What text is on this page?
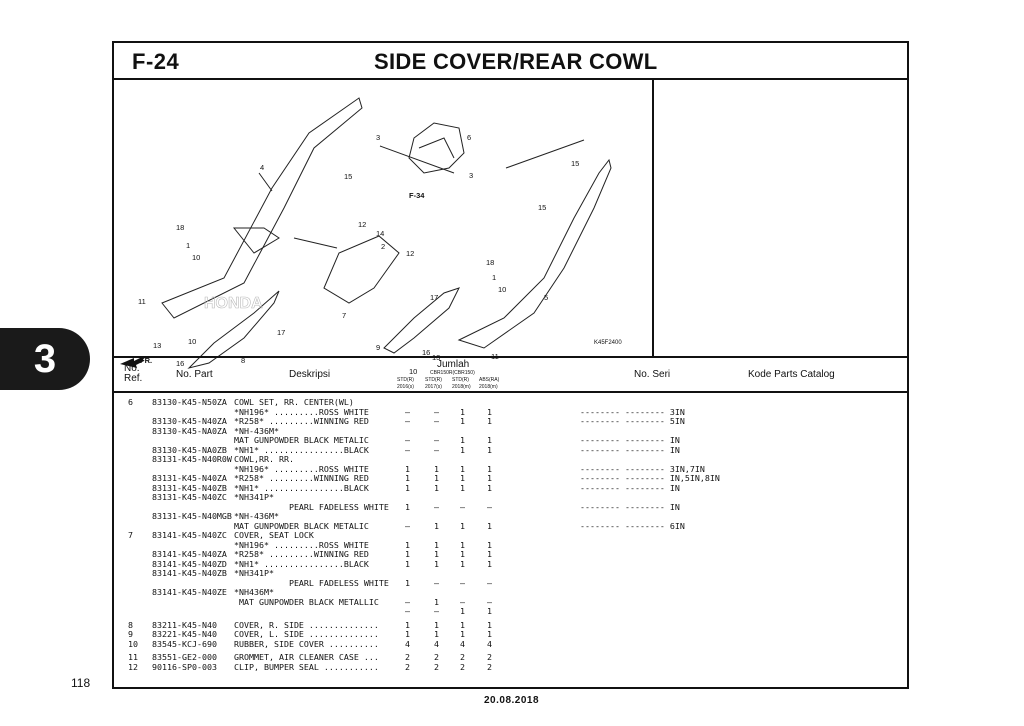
3
118
F-24	SIDE COVER/REAR COWL
3	6
4
15	3
15
15
F-34
18
1
10
12
14
2
12
18
1
10
11	17	5
17
7
13	10
16
9
16
13	11
8
10
FR.
HONDA
K45F2400
No.
Ref.	No. Part	Deskripsi
Jumlah
CBR150R(CBR150)
STD(R)
2016(s)
STD(R)
2017(s)
STD(R)
2018(m)
ABS(RA)
2018(m)
No. Seri	Kode Parts Catalog
6 83130-K45-N50ZA COWL SET, RR. CENTER(WL)
*NH196* .........ROSS WHITE	–	–	1	1	-------- -------- 3IN
83130-K45-N40ZA *R258* .........WINNING RED	–	–	1	1	-------- -------- 5IN
83130-K45-NA0ZA *NH-436M*
MAT GUNPOWDER BLACK METALIC	–	–	1	1	-------- -------- IN
83130-K45-NA0ZB *NH1* ................BLACK	–	–	1	1	-------- -------- IN
83131-K45-N40R0W COWL,RR. RR.
*NH196* .........ROSS WHITE	1	1	1	1	-------- -------- 3IN,7IN
83131-K45-N40ZA *R258* .........WINNING RED	1	1	1	1	-------- -------- IN,5IN,8IN
83131-K45-N40ZB *NH1* ................BLACK	1	1	1	1	-------- -------- IN
83131-K45-N40ZC *NH341P*
PEARL FADELESS WHITE 1	–	–	–	-------- -------- IN
83131-K45-N40MGB *NH-436M*
MAT GUNPOWDER BLACK METALIC	–	1	1	1	-------- -------- 6IN
7 83141-K45-N40ZC COVER, SEAT LOCK
*NH196* .........ROSS WHITE	1	1	1	1
83141-K45-N40ZA *R258* .........WINNING RED	1	1	1	1
83141-K45-N40ZD *NH1* ................BLACK	1	1	1	1
83141-K45-N40ZB *NH341P*
PEARL FADELESS WHITE 1	–	–	–
83141-K45-N40ZE *NH436M*
MAT GUNPOWDER BLACK METALLIC	–	1	–	–
–	–	1	1
8 83211-K45-N40 COVER, R. SIDE ..............	1	1	1	1
9 83221-K45-N40 COVER, L. SIDE ..............	1	1	1	1
10 83545-KCJ-690 RUBBER, SIDE COVER ..........	4	4	4	4
11 83551-GE2-000 GROMMET, AIR CLEANER CASE ...	2	2	2	2
12 90116-SP0-003 CLIP, BUMPER SEAL ...........	2	2	2	2
20.08.2018
